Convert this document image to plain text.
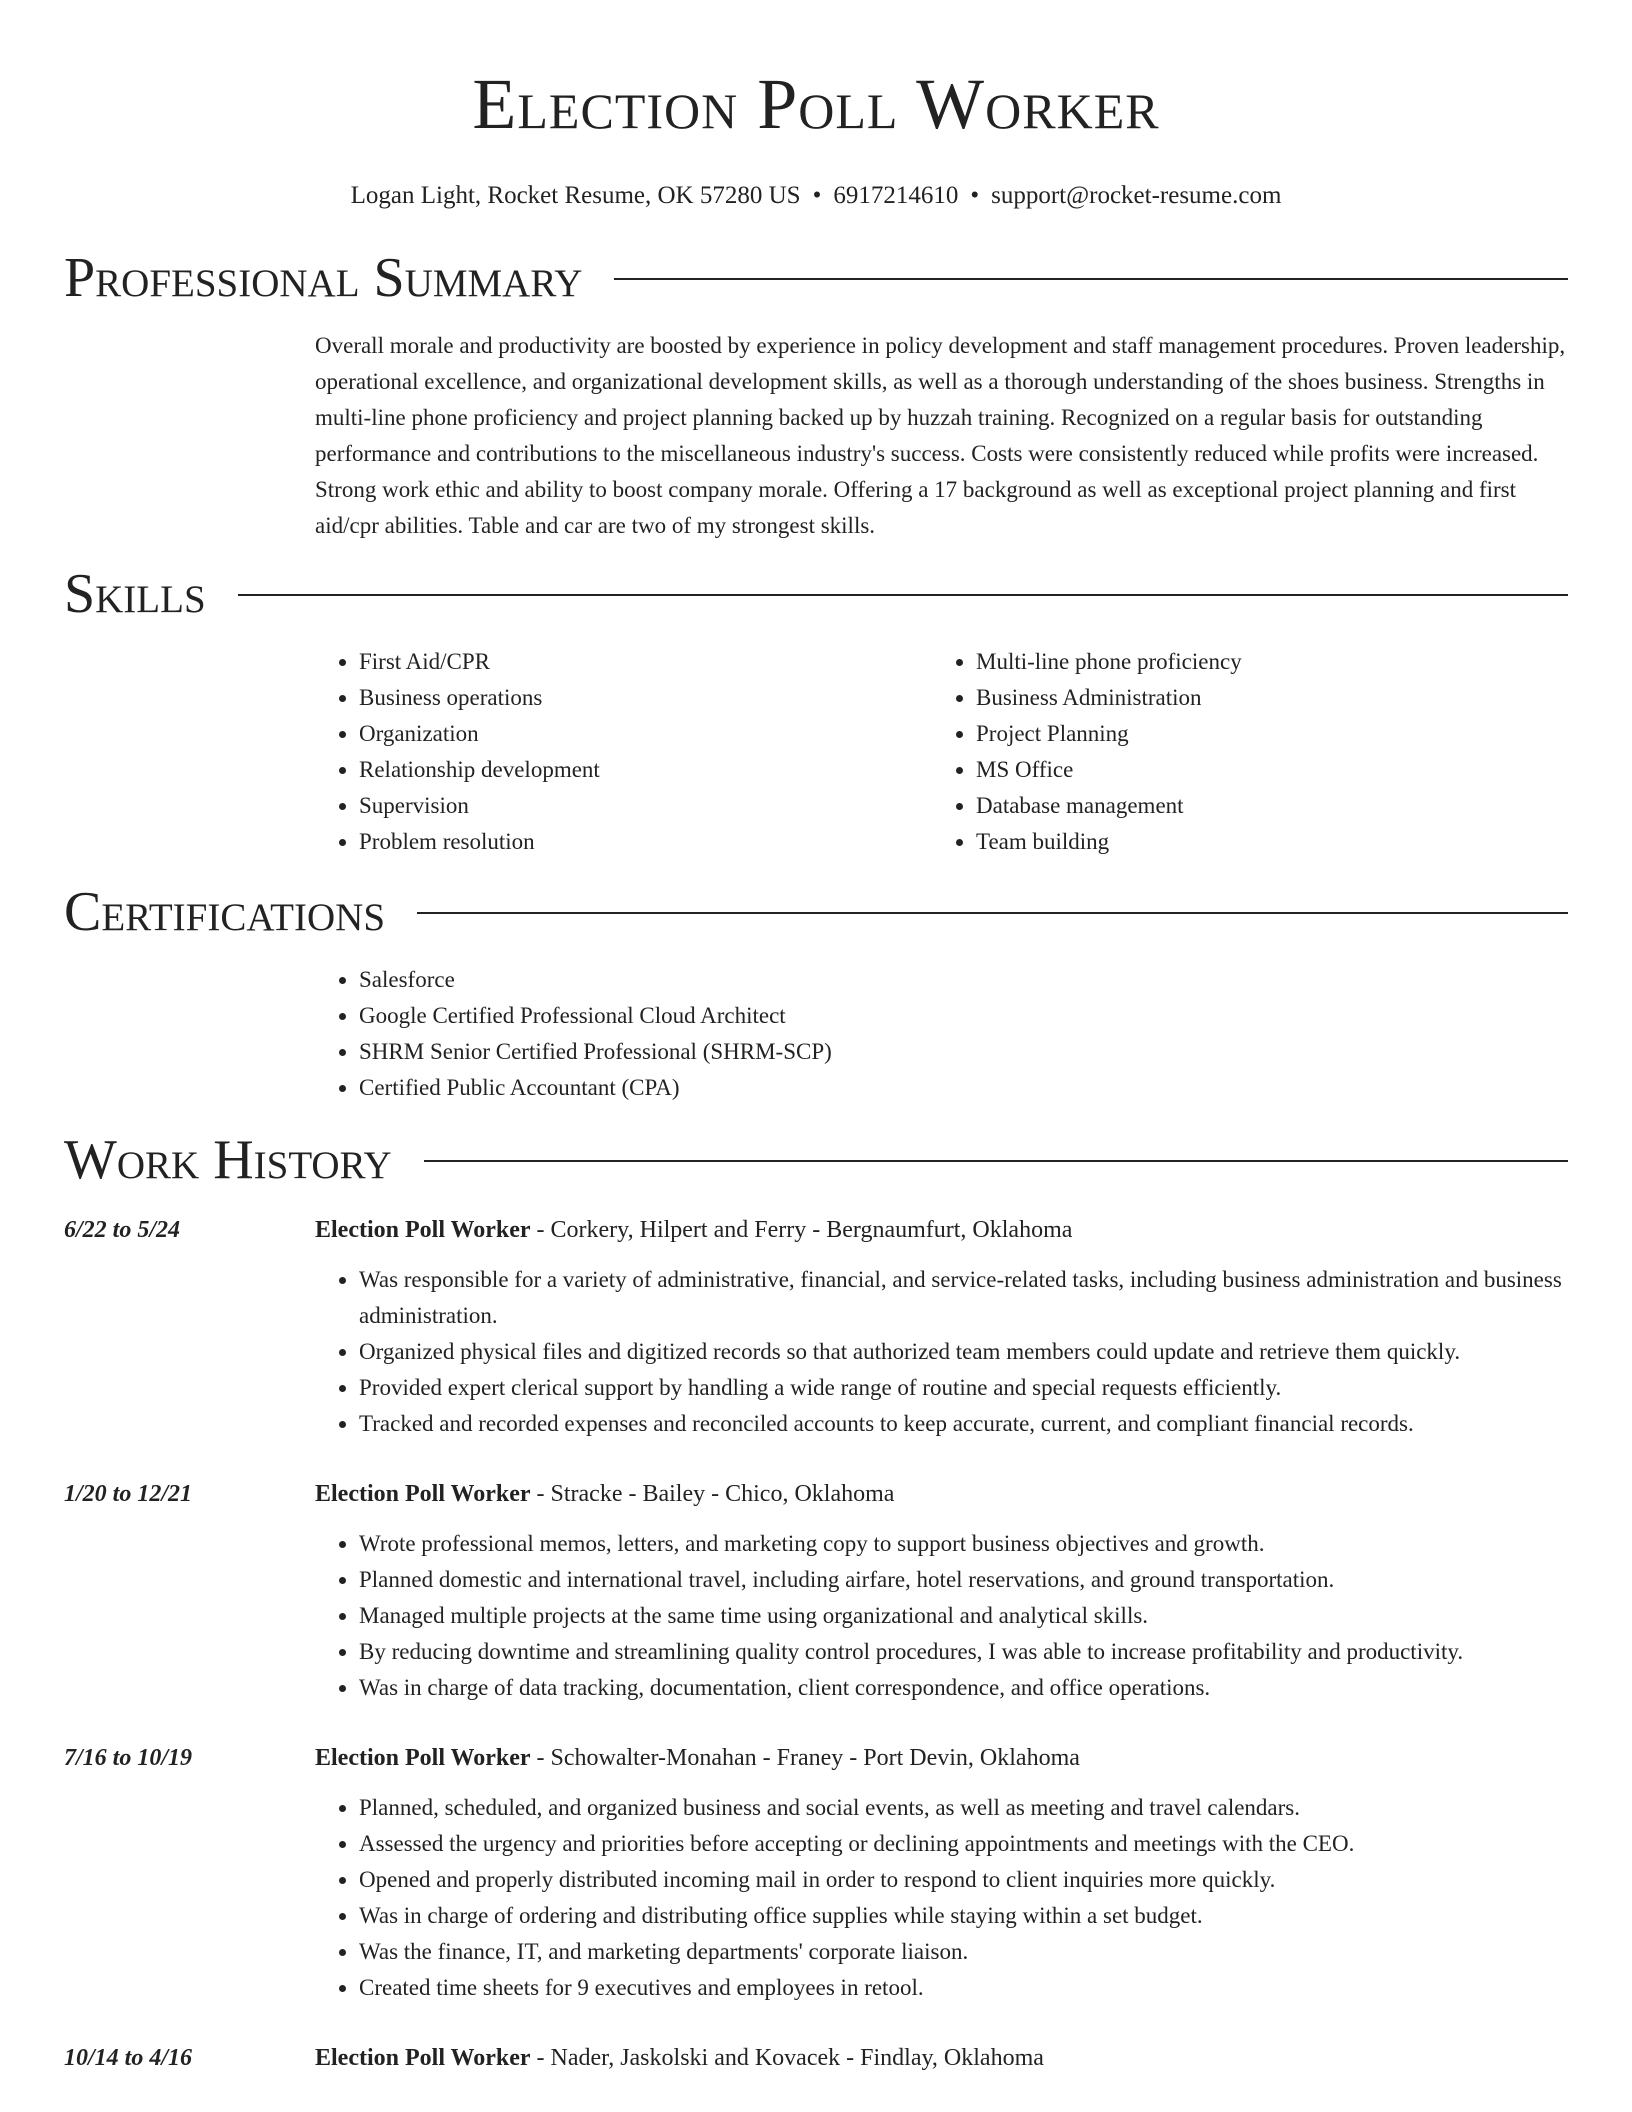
Election Poll Worker
Logan Light, Rocket Resume, OK 57280 US • 6917214610 • support@rocket-resume.com
Professional Summary

Overall morale and productivity are boosted by experience in policy development and staff management procedures. Proven leadership, operational excellence, and organizational development skills, as well as a thorough understanding of the shoes business. Strengths in multi-line phone proficiency and project planning backed up by huzzah training. Recognized on a regular basis for outstanding performance and contributions to the miscellaneous industry's success. Costs were consistently reduced while profits were increased. Strong work ethic and ability to boost company morale. Offering a 17 background as well as exceptional project planning and first aid/cpr abilities. Table and car are two of my strongest skills.

Skills
• First Aid/CPR
• Business operations
• Organization
• Relationship development
• Supervision
• Problem resolution
• Multi-line phone proficiency
• Business Administration
• Project Planning
• MS Office
• Database management
• Team building
Certifications
• Salesforce
• Google Certified Professional Cloud Architect
• SHRM Senior Certified Professional (SHRM-SCP)
• Certified Public Accountant (CPA)
Work History
6/22 to 5/24	Election Poll Worker - Corkery, Hilpert and Ferry - Bergnaumfurt, Oklahoma
• Was responsible for a variety of administrative, financial, and service-related tasks, including business administration and business administration.
• Organized physical files and digitized records so that authorized team members could update and retrieve them quickly.
• Provided expert clerical support by handling a wide range of routine and special requests efficiently.
• Tracked and recorded expenses and reconciled accounts to keep accurate, current, and compliant financial records.
1/20 to 12/21	Election Poll Worker - Stracke - Bailey - Chico, Oklahoma
• Wrote professional memos, letters, and marketing copy to support business objectives and growth.
• Planned domestic and international travel, including airfare, hotel reservations, and ground transportation.
• Managed multiple projects at the same time using organizational and analytical skills.
• By reducing downtime and streamlining quality control procedures, I was able to increase profitability and productivity.
• Was in charge of data tracking, documentation, client correspondence, and office operations.
7/16 to 10/19	Election Poll Worker - Schowalter-Monahan - Franey - Port Devin, Oklahoma
• Planned, scheduled, and organized business and social events, as well as meeting and travel calendars.
• Assessed the urgency and priorities before accepting or declining appointments and meetings with the CEO.
• Opened and properly distributed incoming mail in order to respond to client inquiries more quickly.
• Was in charge of ordering and distributing office supplies while staying within a set budget.
• Was the finance, IT, and marketing departments' corporate liaison.
• Created time sheets for 9 executives and employees in retool.
10/14 to 4/16	Election Poll Worker - Nader, Jaskolski and Kovacek - Findlay, Oklahoma
